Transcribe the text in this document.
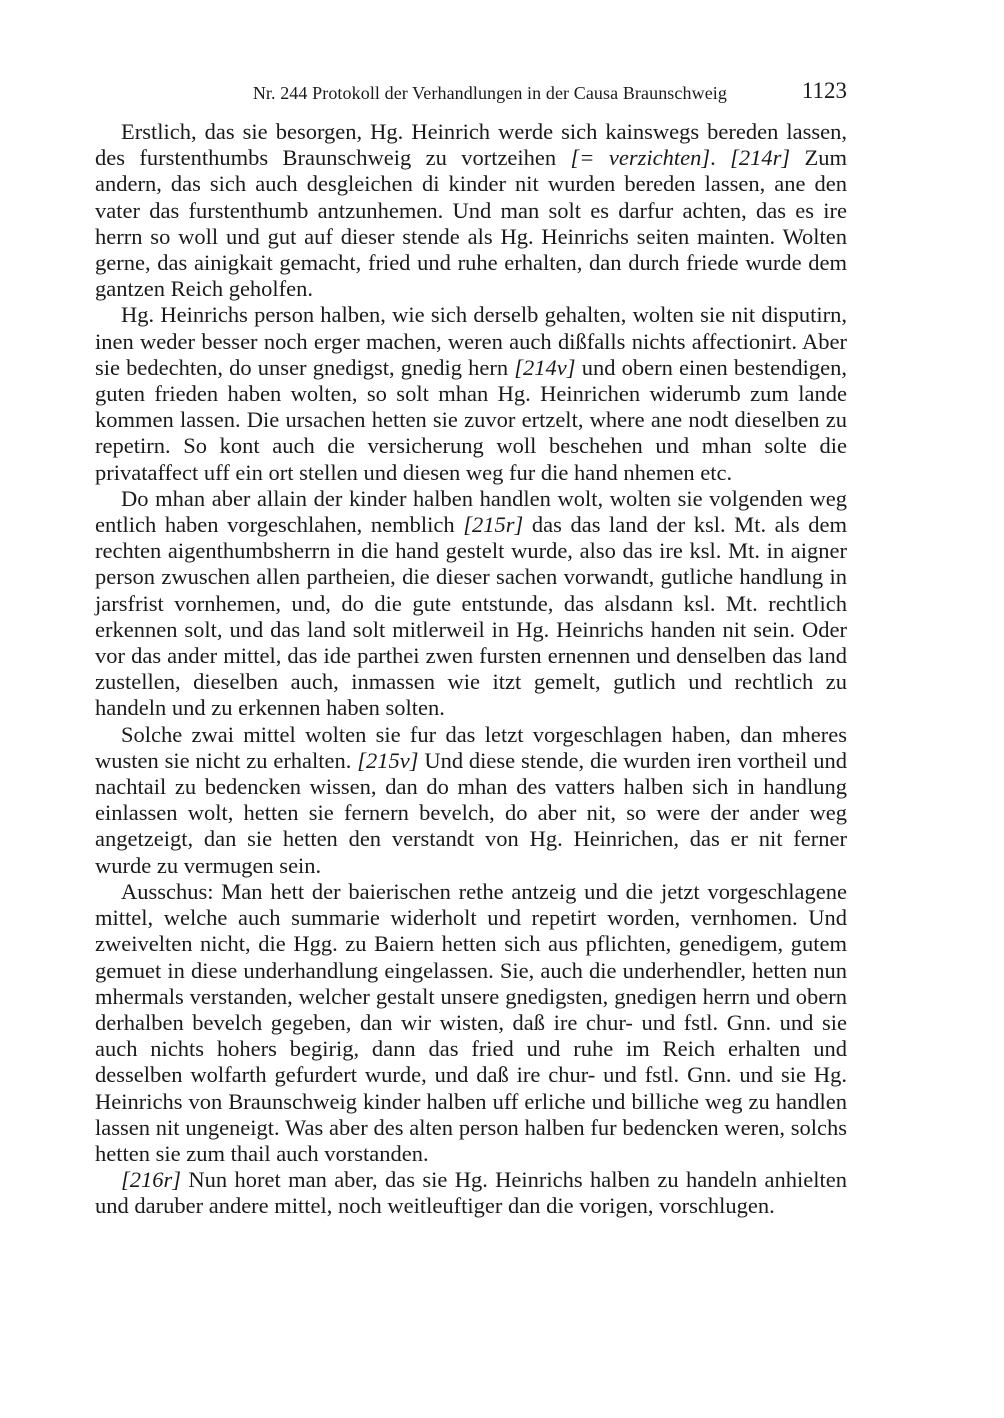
Nr. 244 Protokoll der Verhandlungen in der Causa Braunschweig	1123

Erstlich, das sie besorgen, Hg. Heinrich werde sich kainswegs bereden lassen, des furstenthumbs Braunschweig zu vortzeihen [= verzichten]. [214r] Zum andern, das sich auch desgleichen di kinder nit wurden bereden lassen, ane den vater das furstenthumb antzunhemen. Und man solt es darfur achten, das es ire herrn so woll und gut auf dieser stende als Hg. Heinrichs seiten mainten. Wolten gerne, das ainigkait gemacht, fried und ruhe erhalten, dan durch friede wurde dem gantzen Reich geholfen.

Hg. Heinrichs person halben, wie sich derselb gehalten, wolten sie nit disputirn, inen weder besser noch erger machen, weren auch dißfalls nichts affectionirt. Aber sie bedechten, do unser gnedigst, gnedig hern [214v] und obern einen bestendigen, guten frieden haben wolten, so solt mhan Hg. Heinrichen widerumb zum lande kommen lassen. Die ursachen hetten sie zuvor ertzelt, where ane nodt dieselben zu repetirn. So kont auch die versicherung woll beschehen und mhan solte die privataffect uff ein ort stellen und diesen weg fur die hand nhemen etc.

Do mhan aber allain der kinder halben handlen wolt, wolten sie volgenden weg entlich haben vorgeschlahen, nemblich [215r] das das land der ksl. Mt. als dem rechten aigenthumbsherrn in die hand gestelt wurde, also das ire ksl. Mt. in aigner person zwuschen allen partheien, die dieser sachen vorwandt, gutliche handlung in jarsfrist vornhemen, und, do die gute entstunde, das alsdann ksl. Mt. rechtlich erkennen solt, und das land solt mitlerweil in Hg. Heinrichs handen nit sein. Oder vor das ander mittel, das ide parthei zwen fursten ernennen und denselben das land zustellen, dieselben auch, inmassen wie itzt gemelt, gutlich und rechtlich zu handeln und zu erkennen haben solten.

Solche zwai mittel wolten sie fur das letzt vorgeschlagen haben, dan mheres wusten sie nicht zu erhalten. [215v] Und diese stende, die wurden iren vortheil und nachtail zu bedencken wissen, dan do mhan des vatters halben sich in handlung einlassen wolt, hetten sie fernern bevelch, do aber nit, so were der ander weg angetzeigt, dan sie hetten den verstandt von Hg. Heinrichen, das er nit ferner wurde zu vermugen sein.

Ausschus: Man hett der baierischen rethe antzeig und die jetzt vorgeschlagene mittel, welche auch summarie widerholt und repetirt worden, vernhomen. Und zweivelten nicht, die Hgg. zu Baiern hetten sich aus pflichten, genedigem, gutem gemuet in diese underhandlung eingelassen. Sie, auch die underhendler, hetten nun mhermals verstanden, welcher gestalt unsere gnedigsten, gnedigen herrn und obern derhalben bevelch gegeben, dan wir wisten, daß ire chur- und fstl. Gnn. und sie auch nichts hohers begirig, dann das fried und ruhe im Reich erhalten und desselben wolfarth gefurdert wurde, und daß ire chur- und fstl. Gnn. und sie Hg. Heinrichs von Braunschweig kinder halben uff erliche und billiche weg zu handlen lassen nit ungeneigt. Was aber des alten person halben fur bedencken weren, solchs hetten sie zum thail auch vorstanden.

[216r] Nun horet man aber, das sie Hg. Heinrichs halben zu handeln anhielten und daruber andere mittel, noch weitleuftiger dan die vorigen, vorschlugen.
